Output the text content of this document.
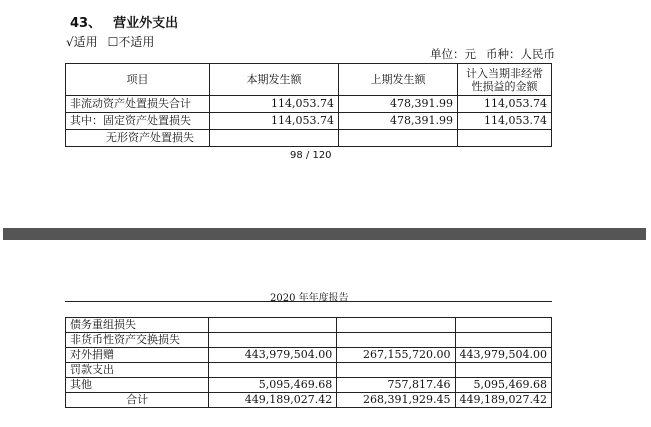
43、 营业外支出
√适用 ☐不适用
单位：元 币种：人民币
项目	本期发生额	上期发生额	计入当期非经常
性损益的金额

非流动资产处置损失合计	114,053.74	478,391.99	114,053.74
其中：固定资产处置损失	114,053.74	478,391.99	114,053.74
无形资产处置损失			
98 / 120
2020 年年度报告
债务重组损失			
非货币性资产交换损失			
对外捐赠	443,979,504.00	267,155,720.00	443,979,504.00
罚款支出			
其他	5,095,469.68	757,817.46	5,095,469.68
合计	449,189,027.42	268,391,929.45	449,189,027.42
